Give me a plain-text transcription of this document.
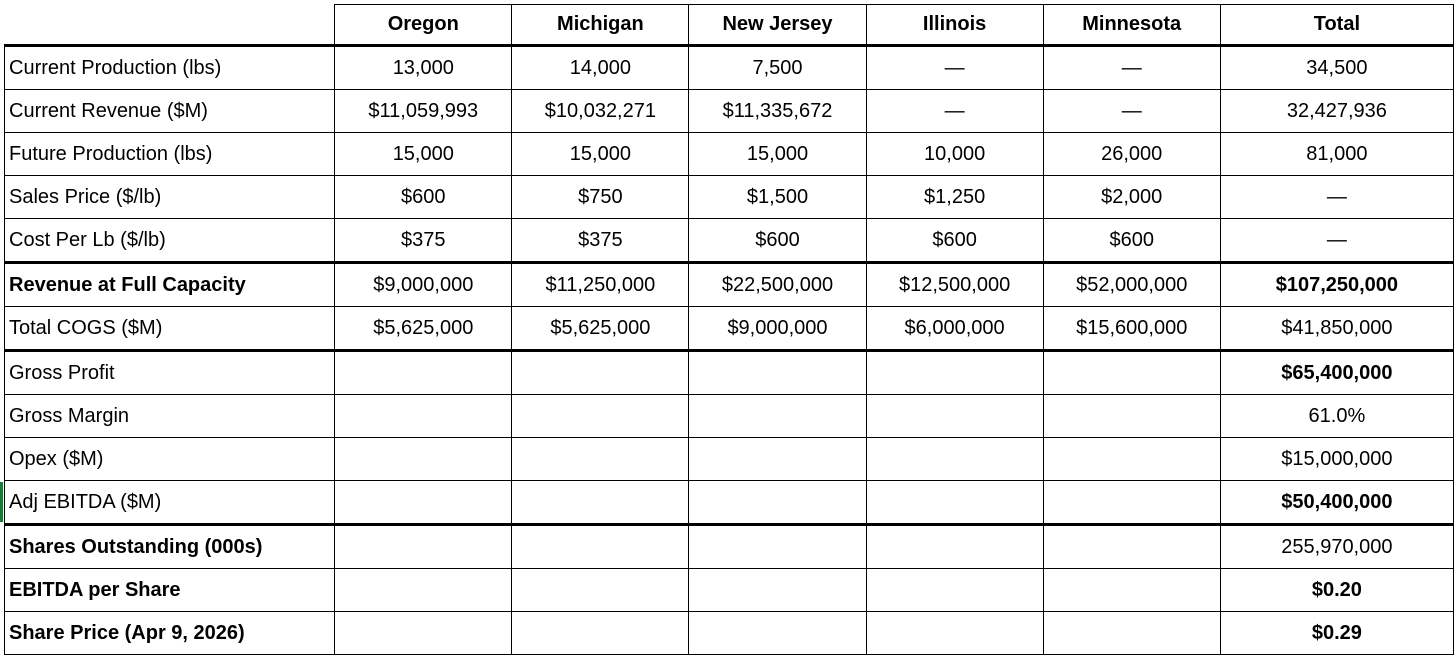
	Oregon	Michigan	New Jersey	Illinois	Minnesota	Total
Current Production (lbs)	13,000	14,000	7,500	—	—	34,500
Current Revenue ($M)	$11,059,993	$10,032,271	$11,335,672	—	—	32,427,936
Future Production (lbs)	15,000	15,000	15,000	10,000	26,000	81,000
Sales Price ($/lb)	$600	$750	$1,500	$1,250	$2,000	—
Cost Per Lb ($/lb)	$375	$375	$600	$600	$600	—
Revenue at Full Capacity	$9,000,000	$11,250,000	$22,500,000	$12,500,000	$52,000,000	$107,250,000
Total COGS ($M)	$5,625,000	$5,625,000	$9,000,000	$6,000,000	$15,600,000	$41,850,000
Gross Profit						$65,400,000
Gross Margin						61.0%
Opex ($M)						$15,000,000
Adj EBITDA ($M)						$50,400,000
Shares Outstanding (000s)						255,970,000
EBITDA per Share						$0.20
Share Price (Apr 9, 2026)						$0.29
